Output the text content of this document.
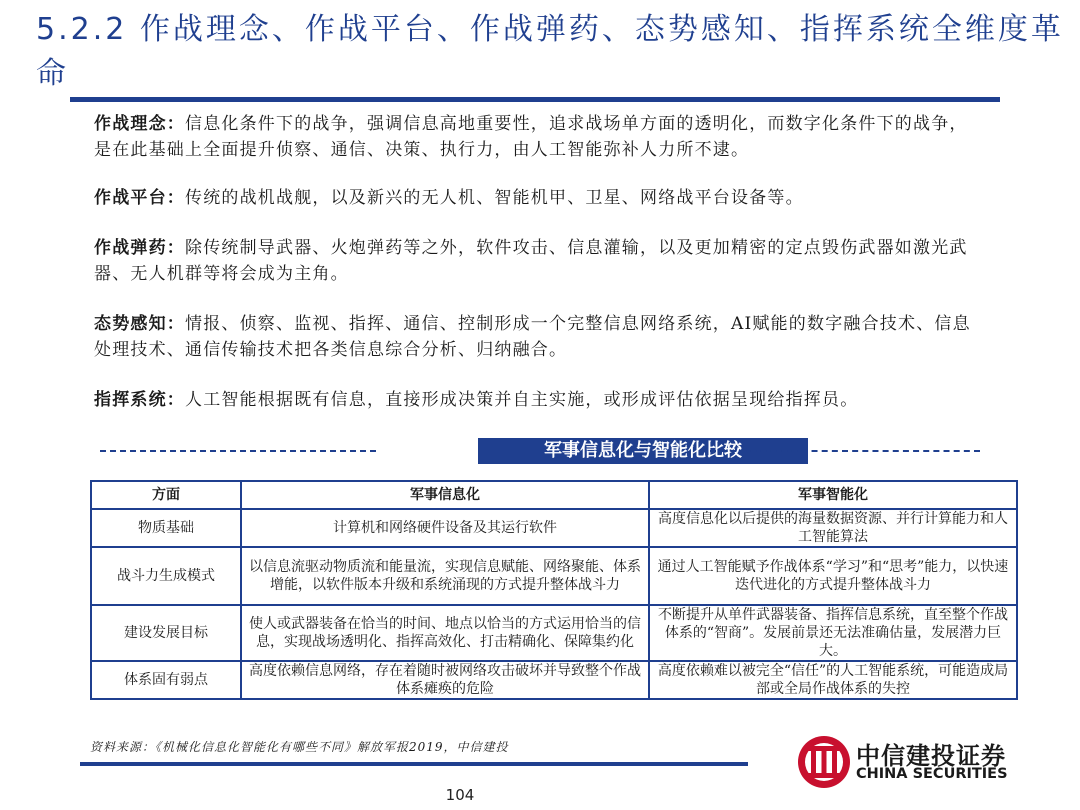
5.2.2 作战理念、作战平台、作战弹药、态势感知、指挥系统全维度革命

作战理念：信息化条件下的战争，强调信息高地重要性，追求战场单方面的透明化，而数字化条件下的战争，是在此基础上全面提升侦察、通信、决策、执行力，由人工智能弥补人力所不逮。

作战平台：传统的战机战舰，以及新兴的无人机、智能机甲、卫星、网络战平台设备等。

作战弹药：除传统制导武器、火炮弹药等之外，软件攻击、信息灌输，以及更加精密的定点毁伤武器如激光武器、无人机群等将会成为主角。

态势感知：情报、侦察、监视、指挥、通信、控制形成一个完整信息网络系统，AI赋能的数字融合技术、信息处理技术、通信传输技术把各类信息综合分析、归纳融合。

指挥系统：人工智能根据既有信息，直接形成决策并自主实施，或形成评估依据呈现给指挥员。

军事信息化与智能化比较
方面	军事信息化	军事智能化
物质基础	计算机和网络硬件设备及其运行软件	高度信息化以后提供的海量数据资源、并行计算能力和人工智能算法
战斗力生成模式	以信息流驱动物质流和能量流，实现信息赋能、网络聚能、体系增能，以软件版本升级和系统涌现的方式提升整体战斗力	通过人工智能赋予作战体系“学习”和“思考”能力，以快速迭代进化的方式提升整体战斗力
建设发展目标	使人或武器装备在恰当的时间、地点以恰当的方式运用恰当的信息，实现战场透明化、指挥高效化、打击精确化、保障集约化	不断提升从单件武器装备、指挥信息系统，直至整个作战体系的“智商”。发展前景还无法准确估量，发展潜力巨大。
体系固有弱点	高度依赖信息网络，存在着随时被网络攻击破坏并导致整个作战体系瘫痪的危险	高度依赖难以被完全“信任”的人工智能系统，可能造成局部或全局作战体系的失控
资料来源：《机械化信息化智能化有哪些不同》解放军报2019，中信建投	中信建投证券
CHINA SECURITIES
104
